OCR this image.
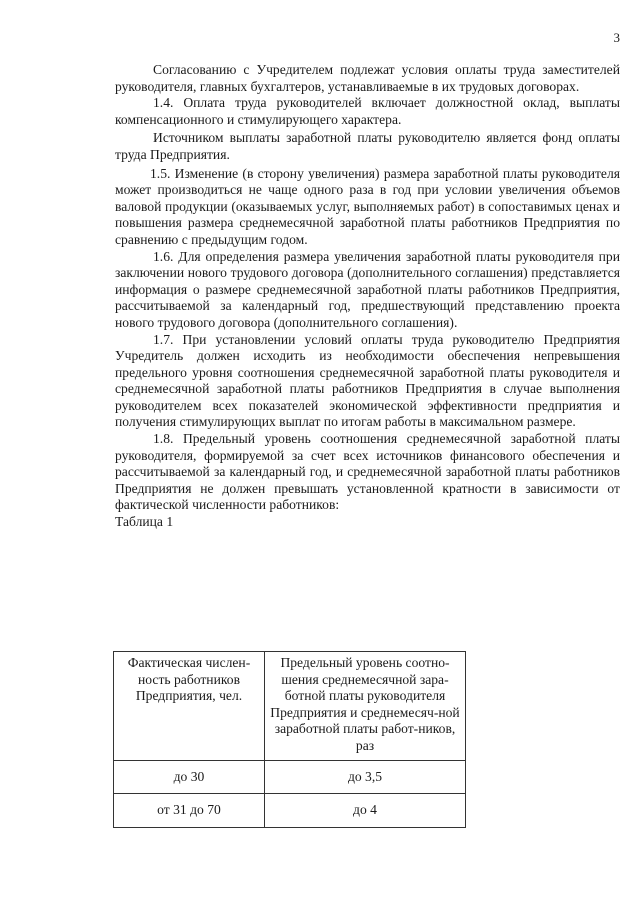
3

Согласованию с Учредителем подлежат условия оплаты труда заместителей руководителя, главных бухгалтеров, устанавливаемые в их трудовых договорах.

1.4. Оплата труда руководителей включает должностной оклад, выплаты компенсационного и стимулирующего характера.

Источником выплаты заработной платы руководителю является фонд оплаты труда Предприятия.

1.5. Изменение (в сторону увеличения) размера заработной платы руководителя может производиться не чаще одного раза в год при условии увеличения объемов валовой продукции (оказываемых услуг, выполняемых работ) в сопоставимых ценах и повышения размера среднемесячной заработной платы работников Предприятия по сравнению с предыдущим годом.

1.6. Для определения размера увеличения заработной платы руководителя при заключении нового трудового договора (дополнительного соглашения) представляется информация о размере среднемесячной заработной платы работников Предприятия, рассчитываемой за календарный год, предшествующий представлению проекта нового трудового договора (дополнительного соглашения).

1.7. При установлении условий оплаты труда руководителю Предприятия Учредитель должен исходить из необходимости обеспечения непревышения предельного уровня соотношения среднемесячной заработной платы руководителя и среднемесячной заработной платы работников Предприятия в случае выполнения руководителем всех показателей экономической эффективности предприятия и получения стимулирующих выплат по итогам работы в максимальном размере.

1.8. Предельный уровень соотношения среднемесячной заработной платы руководителя, формируемой за счет всех источников финансового обеспечения и рассчитываемой за календарный год, и среднемесячной заработной платы работников Предприятия не должен превышать установленной кратности в зависимости от фактической численности работников:

Таблица 1

Фактическая числен-ность работников Предприятия, чел.	Предельный уровень соотно-шения среднемесячной зара-ботной платы руководителя Предприятия и среднемесяч-ной заработной платы работ-ников, раз
до 30	до 3,5
от 31 до 70	до 4
